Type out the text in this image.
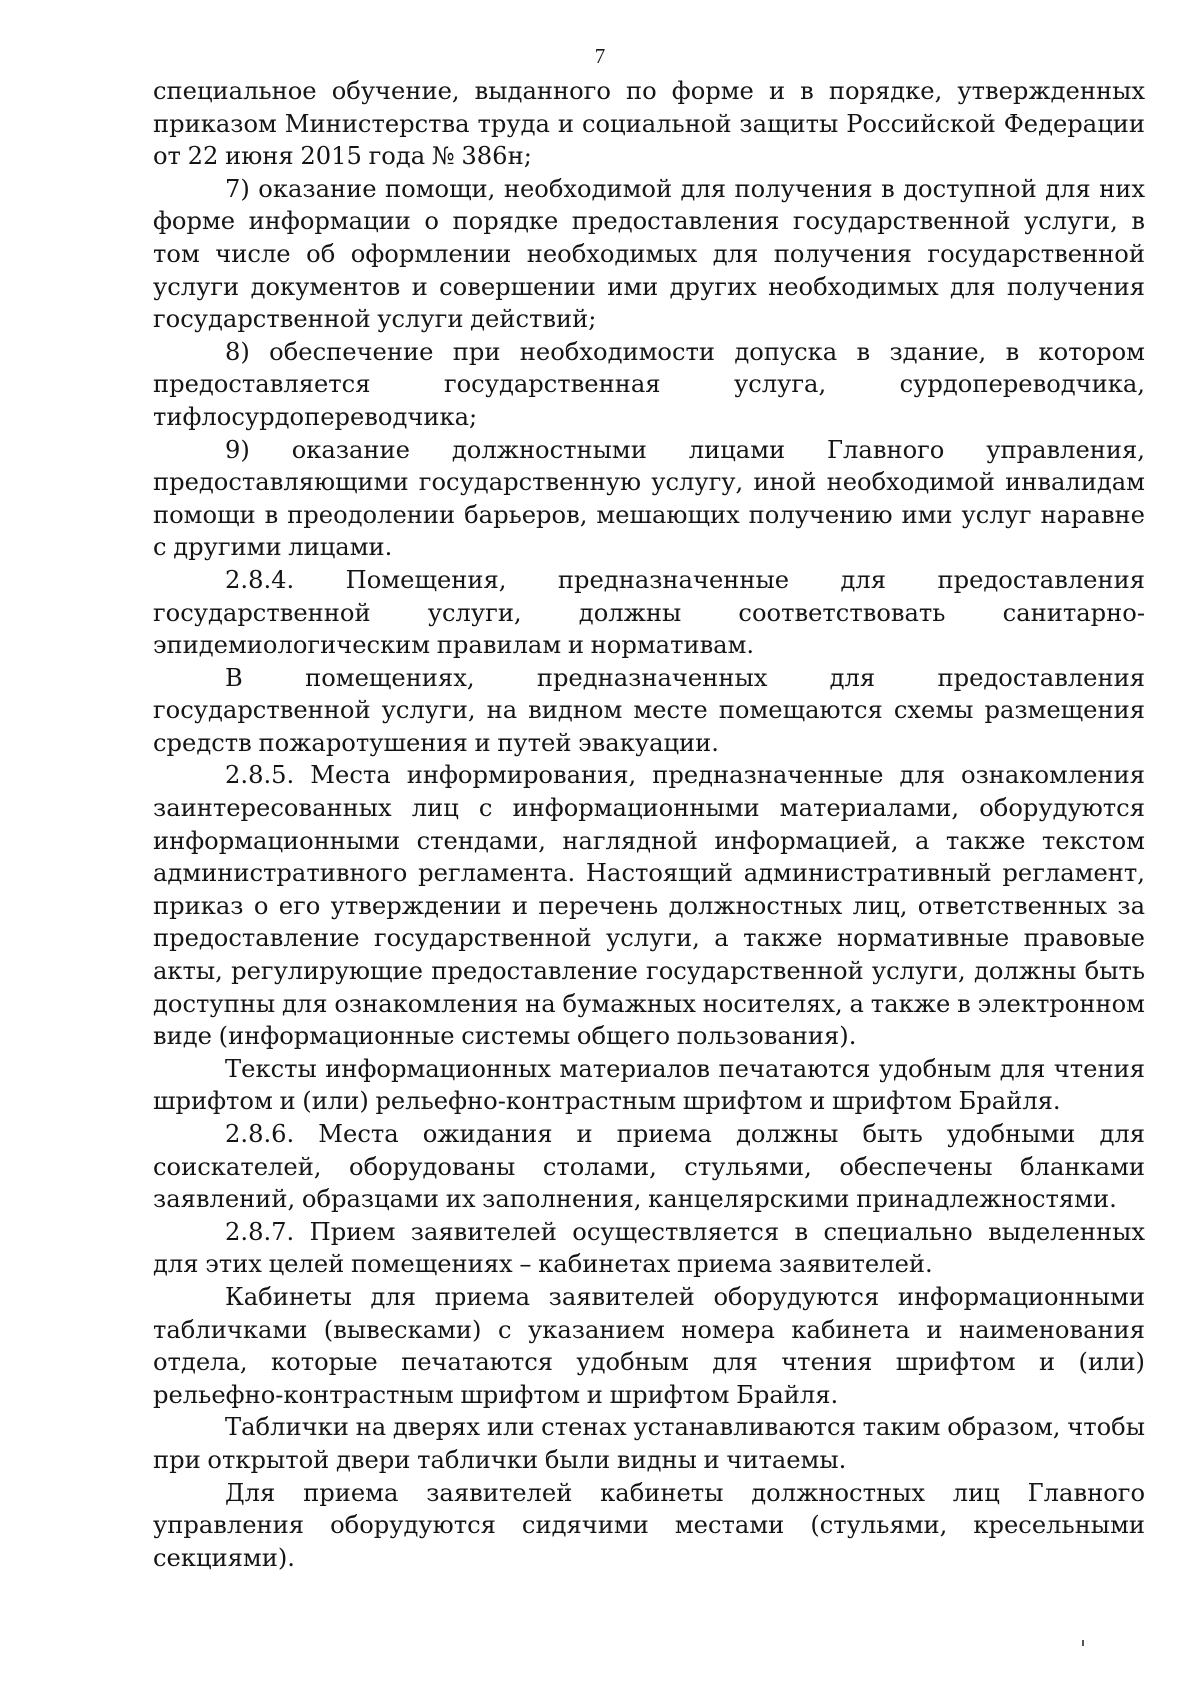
7

специальное обучение, выданного по форме и в порядке, утвержденных приказом Министерства труда и социальной защиты Российской Федерации от 22 июня 2015 года № 386н;

7) оказание помощи, необходимой для получения в доступной для них форме информации о порядке предоставления государственной услуги, в том числе об оформлении необходимых для получения государственной услуги документов и совершении ими других необходимых для получения государственной услуги действий;

8) обеспечение при необходимости допуска в здание, в котором предоставляется государственная услуга, сурдопереводчика, тифлосурдопереводчика;

9) оказание должностными лицами Главного управления, предоставляющими государственную услугу, иной необходимой инвалидам помощи в преодолении барьеров, мешающих получению ими услуг наравне с другими лицами.

2.8.4. Помещения, предназначенные для предоставления государственной услуги, должны соответствовать санитарно-эпидемиологическим правилам и нормативам.

В помещениях, предназначенных для предоставления государственной услуги, на видном месте помещаются схемы размещения средств пожаротушения и путей эвакуации.

2.8.5. Места информирования, предназначенные для ознакомления заинтересованных лиц с информационными материалами, оборудуются информационными стендами, наглядной информацией, а также текстом административного регламента. Настоящий административный регламент, приказ о его утверждении и перечень должностных лиц, ответственных за предоставление государственной услуги, а также нормативные правовые акты, регулирующие предоставление государственной услуги, должны быть доступны для ознакомления на бумажных носителях, а также в электронном виде (информационные системы общего пользования).

Тексты информационных материалов печатаются удобным для чтения шрифтом и (или) рельефно-контрастным шрифтом и шрифтом Брайля.

2.8.6. Места ожидания и приема должны быть удобными для соискателей, оборудованы столами, стульями, обеспечены бланками заявлений, образцами их заполнения, канцелярскими принадлежностями.

2.8.7. Прием заявителей осуществляется в специально выделенных для этих целей помещениях – кабинетах приема заявителей.

Кабинеты для приема заявителей оборудуются информационными табличками (вывесками) с указанием номера кабинета и наименования отдела, которые печатаются удобным для чтения шрифтом и (или) рельефно-контрастным шрифтом и шрифтом Брайля.

Таблички на дверях или стенах устанавливаются таким образом, чтобы при открытой двери таблички были видны и читаемы.

Для приема заявителей кабинеты должностных лиц Главного управления оборудуются сидячими местами (стульями, кресельными секциями).
